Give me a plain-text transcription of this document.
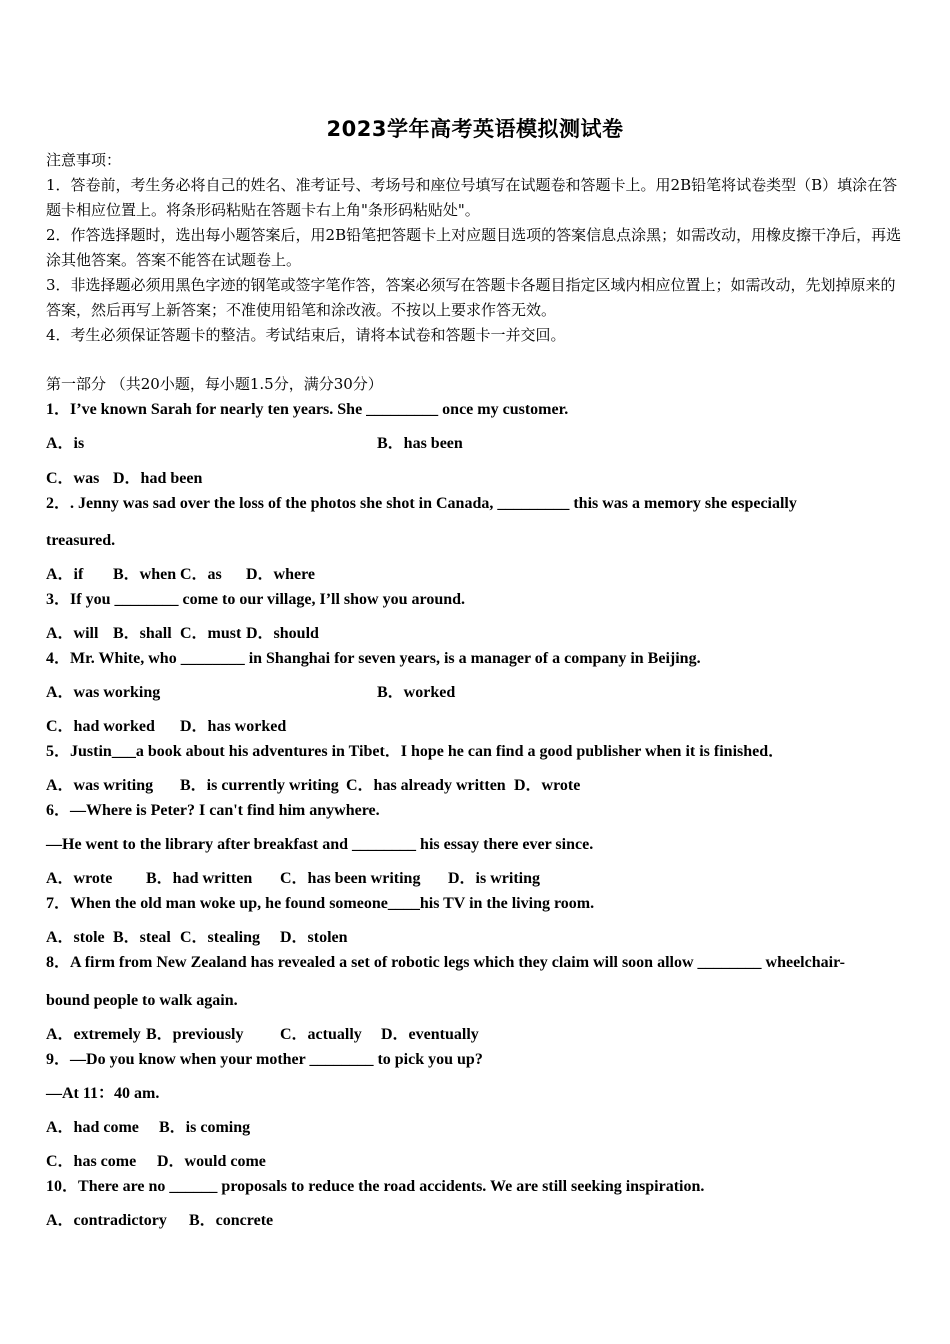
2023学年高考英语模拟测试卷
注意事项：
1．答卷前，考生务必将自己的姓名、准考证号、考场号和座位号填写在试题卷和答题卡上。用2B铅笔将试卷类型（B）填涂在答题卡相应位置上。将条形码粘贴在答题卡右上角"条形码粘贴处"。
2．作答选择题时，选出每小题答案后，用2B铅笔把答题卡上对应题目选项的答案信息点涂黑；如需改动，用橡皮擦干净后，再选涂其他答案。答案不能答在试题卷上。
3．非选择题必须用黑色字迹的钢笔或签字笔作答，答案必须写在答题卡各题目指定区域内相应位置上；如需改动，先划掉原来的答案，然后再写上新答案；不准使用铅笔和涂改液。不按以上要求作答无效。
4．考生必须保证答题卡的整洁。考试结束后，请将本试卷和答题卡一并交回。
第一部分 （共20小题，每小题1.5分，满分30分）
1．I’ve known Sarah for nearly ten years. She _________ once my customer.
A．is	B．has been
C．was D．had been
2．. Jenny was sad over the loss of the photos she shot in Canada, _________ this was a memory she especially
treasured.
A．if B．when C．as D．where
3．If you ________ come to our village, I’ll show you around.
A．will B．shall C．must D．should
4．Mr. White, who ________ in Shanghai for seven years, is a manager of a company in Beijing.
A．was working	B．worked
C．had worked D．has worked
5．Justin___a book about his adventures in Tibet．I hope he can find a good publisher when it is finished．
A．was writing B．is currently writing C．has already written D．wrote
6．—Where is Peter? I can't find him anywhere.
—He went to the library after breakfast and ________ his essay there ever since.
A．wrote B．had written C．has been writing D．is writing
7．When the old man woke up, he found someone____his TV in the living room.
A．stole B．steal C．stealing D．stolen
8．A firm from New Zealand has revealed a set of robotic legs which they claim will soon allow ________ wheelchair-
bound people to walk again.
A．extremely B．previously C．actually D．eventually
9．—Do you know when your mother ________ to pick you up?
—At 11：40 am.
A．had come B．is coming
C．has come D．would come
10．There are no ______ proposals to reduce the road accidents. We are still seeking inspiration.
A．contradictory B．concrete
